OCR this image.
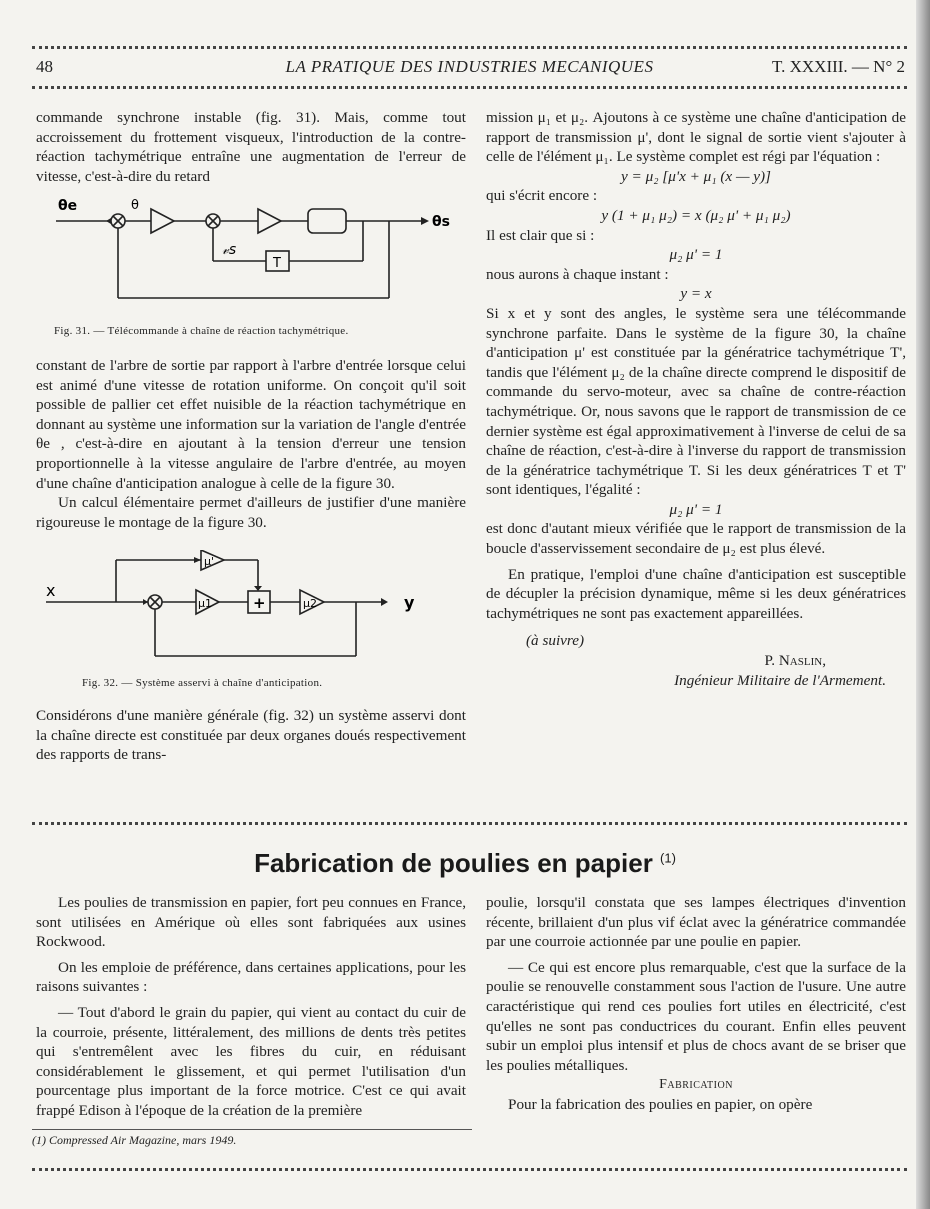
48	LA PRATIQUE DES INDUSTRIES MECANIQUES	T. XXXIII. — N° 2

commande synchrone instable (fig. 31). Mais, comme tout accroissement du frottement visqueux, l'introduction de la contre-réaction tachymétrique entraîne une augmentation de l'erreur de vitesse, c'est-à-dire du retard

θe	θ
θs
𝓋s
T

Fig. 31. — Télécommande à chaîne de réaction tachymétrique.

constant de l'arbre de sortie par rapport à l'arbre d'entrée lorsque celui est animé d'une vitesse de rotation uniforme. On conçoit qu'il soit possible de pallier cet effet nuisible de la réaction tachymétrique en donnant au système une information sur la variation de l'angle d'entrée θe , c'est-à-dire en ajoutant à la tension d'erreur une tension proportionnelle à la vitesse angulaire de l'arbre d'entrée, au moyen d'une chaîne d'anticipation analogue à celle de la figure 30.

Un calcul élémentaire permet d'ailleurs de justifier d'une manière rigoureuse le montage de la figure 30.

x
y
μ'
μ1	μ2
+

Fig. 32. — Système asservi à chaîne d'anticipation.

Considérons d'une manière générale (fig. 32) un système asservi dont la chaîne directe est constituée par deux organes doués respectivement des rapports de trans-

mission μ₁ et μ₂. Ajoutons à ce système une chaîne d'anticipation de rapport de transmission μ', dont le signal de sortie vient s'ajouter à celle de l'élément μ₁. Le système complet est régi par l'équation :

y = μ₂ [μ'x + μ₁ (x — y)]

qui s'écrit encore :

y (1 + μ₁ μ₂) = x (μ₂ μ' + μ₁ μ₂)

Il est clair que si :

μ₂ μ' = 1

nous aurons à chaque instant :

y = x

Si x et y sont des angles, le système sera une télécommande synchrone parfaite. Dans le système de la figure 30, la chaîne d'anticipation μ' est constituée par la génératrice tachymétrique T', tandis que l'élément μ₂ de la chaîne directe comprend le dispositif de commande du servo-moteur, avec sa chaîne de contre-réaction tachymétrique. Or, nous savons que le rapport de transmission de ce dernier système est égal approximativement à l'inverse de celui de sa chaîne de réaction, c'est-à-dire à l'inverse du rapport de transmission de la génératrice tachymétrique T. Si les deux génératrices T et T' sont identiques, l'égalité :

μ₂ μ' = 1

est donc d'autant mieux vérifiée que le rapport de transmission de la boucle d'asservissement secondaire de μ₂ est plus élevé.

En pratique, l'emploi d'une chaîne d'anticipation est susceptible de décupler la précision dynamique, même si les deux génératrices tachymétriques ne sont pas exactement appareillées.

(à suivre)

P. Naslin,

Ingénieur Militaire de l'Armement.

Fabrication de poulies en papier $^{(1)}$

Les poulies de transmission en papier, fort peu connues en France, sont utilisées en Amérique où elles sont fabriquées aux usines Rockwood.

On les emploie de préférence, dans certaines applications, pour les raisons suivantes :

— Tout d'abord le grain du papier, qui vient au contact du cuir de la courroie, présente, littéralement, des millions de dents très petites qui s'entremêlent avec les fibres du cuir, en réduisant considérablement le glissement, et qui permet l'utilisation d'un pourcentage plus important de la force motrice. C'est ce qui avait frappé Edison à l'époque de la création de la première

poulie, lorsqu'il constata que ses lampes électriques d'invention récente, brillaient d'un plus vif éclat avec la génératrice commandée par une courroie actionnée par une poulie en papier.

— Ce qui est encore plus remarquable, c'est que la surface de la poulie se renouvelle constamment sous l'action de l'usure. Une autre caractéristique qui rend ces poulies fort utiles en électricité, c'est qu'elles ne sont pas conductrices du courant. Enfin elles peuvent subir un emploi plus intensif et plus de chocs avant de se briser que les poulies métalliques.

Fabrication

Pour la fabrication des poulies en papier, on opère

(1) Compressed Air Magazine, mars 1949.
